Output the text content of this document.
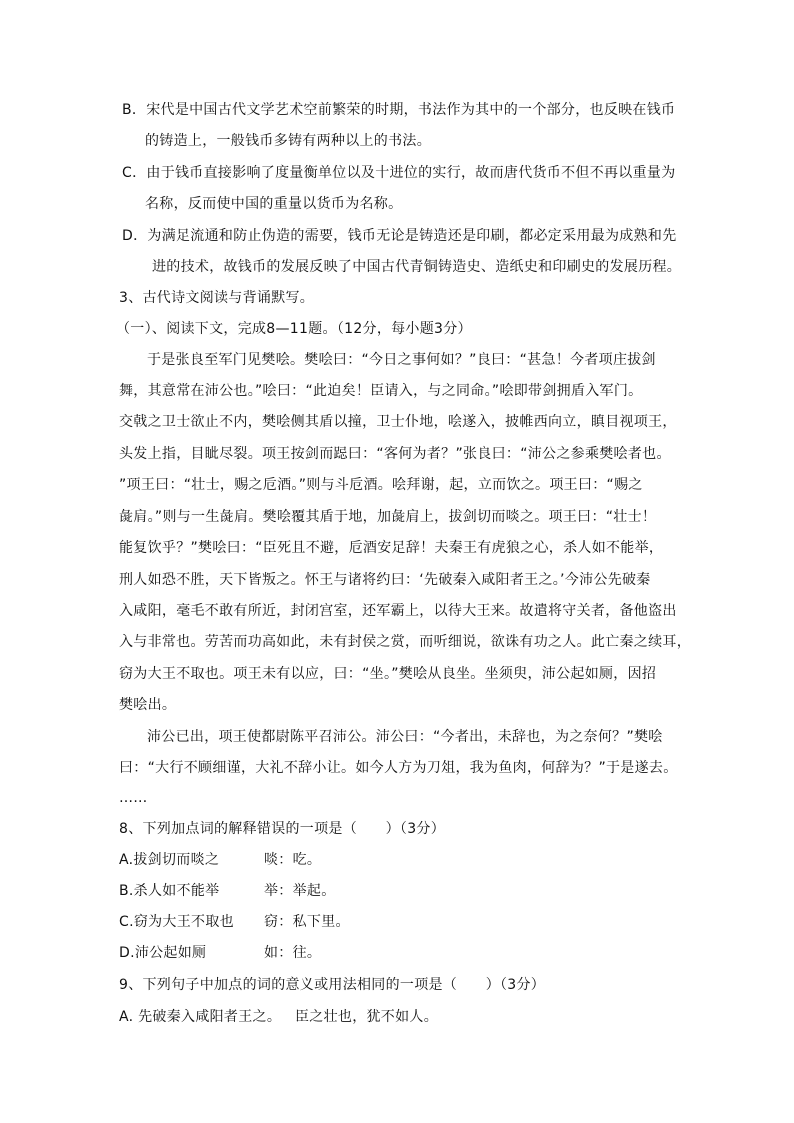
B．宋代是中国古代文学艺术空前繁荣的时期，书法作为其中的一个部分，也反映在钱币
的铸造上，一般钱币多铸有两种以上的书法。
C．由于钱币直接影响了度量衡单位以及十进位的实行，故而唐代货币不但不再以重量为
名称，反而使中国的重量以货币为名称。
D．为满足流通和防止伪造的需要，钱币无论是铸造还是印刷，都必定采用最为成熟和先
进的技术，故钱币的发展反映了中国古代青铜铸造史、造纸史和印刷史的发展历程。
3、古代诗文阅读与背诵默写。
（一）、阅读下文，完成8—11题。（12分，每小题3分）
于是张良至军门见樊哙。樊哙曰：“今日之事何如？”良曰：“甚急！今者项庄拔剑
舞，其意常在沛公也。”哙曰：“此迫矣！臣请入，与之同命。”哙即带剑拥盾入军门。
交戟之卫士欲止不内，樊哙侧其盾以撞，卫士仆地，哙遂入，披帷西向立，瞋目视项王，
头发上指，目眦尽裂。项王按剑而跽曰：“客何为者？”张良曰：“沛公之参乘樊哙者也。
”项王曰：“壮士，赐之卮酒。”则与斗卮酒。哙拜谢，起，立而饮之。项王曰：“赐之
彘肩。”则与一生彘肩。樊哙覆其盾于地，加彘肩上，拔剑切而啖之。项王曰：“壮士！
能复饮乎？”樊哙曰：“臣死且不避，卮酒安足辞！夫秦王有虎狼之心，杀人如不能举，
刑人如恐不胜，天下皆叛之。怀王与诸将约曰：‘先破秦入咸阳者王之。’今沛公先破秦
入咸阳，毫毛不敢有所近，封闭宫室，还军霸上，以待大王来。故遣将守关者，备他盗出
入与非常也。劳苦而功高如此，未有封侯之赏，而听细说，欲诛有功之人。此亡秦之续耳，
窃为大王不取也。项王未有以应，曰：“坐。”樊哙从良坐。坐须臾，沛公起如厕，因招
樊哙出。
沛公已出，项王使都尉陈平召沛公。沛公曰：“今者出，未辞也，为之奈何？”樊哙
曰：“大行不顾细谨，大礼不辞小让。如今人方为刀俎，我为鱼肉，何辞为？”于是遂去。
……
8、下列加点词的解释错误的一项是（　　）（3分）
A.拔剑切而啖之	啖：吃。
B.杀人如不能举	举：举起。
C.窃为大王不取也 窃：私下里。
D.沛公起如厕	如：往。
9、下列句子中加点的词的意义或用法相同的一项是（　　）（3分）
A. 先破秦入咸阳者王之。 臣之壮也，犹不如人。
